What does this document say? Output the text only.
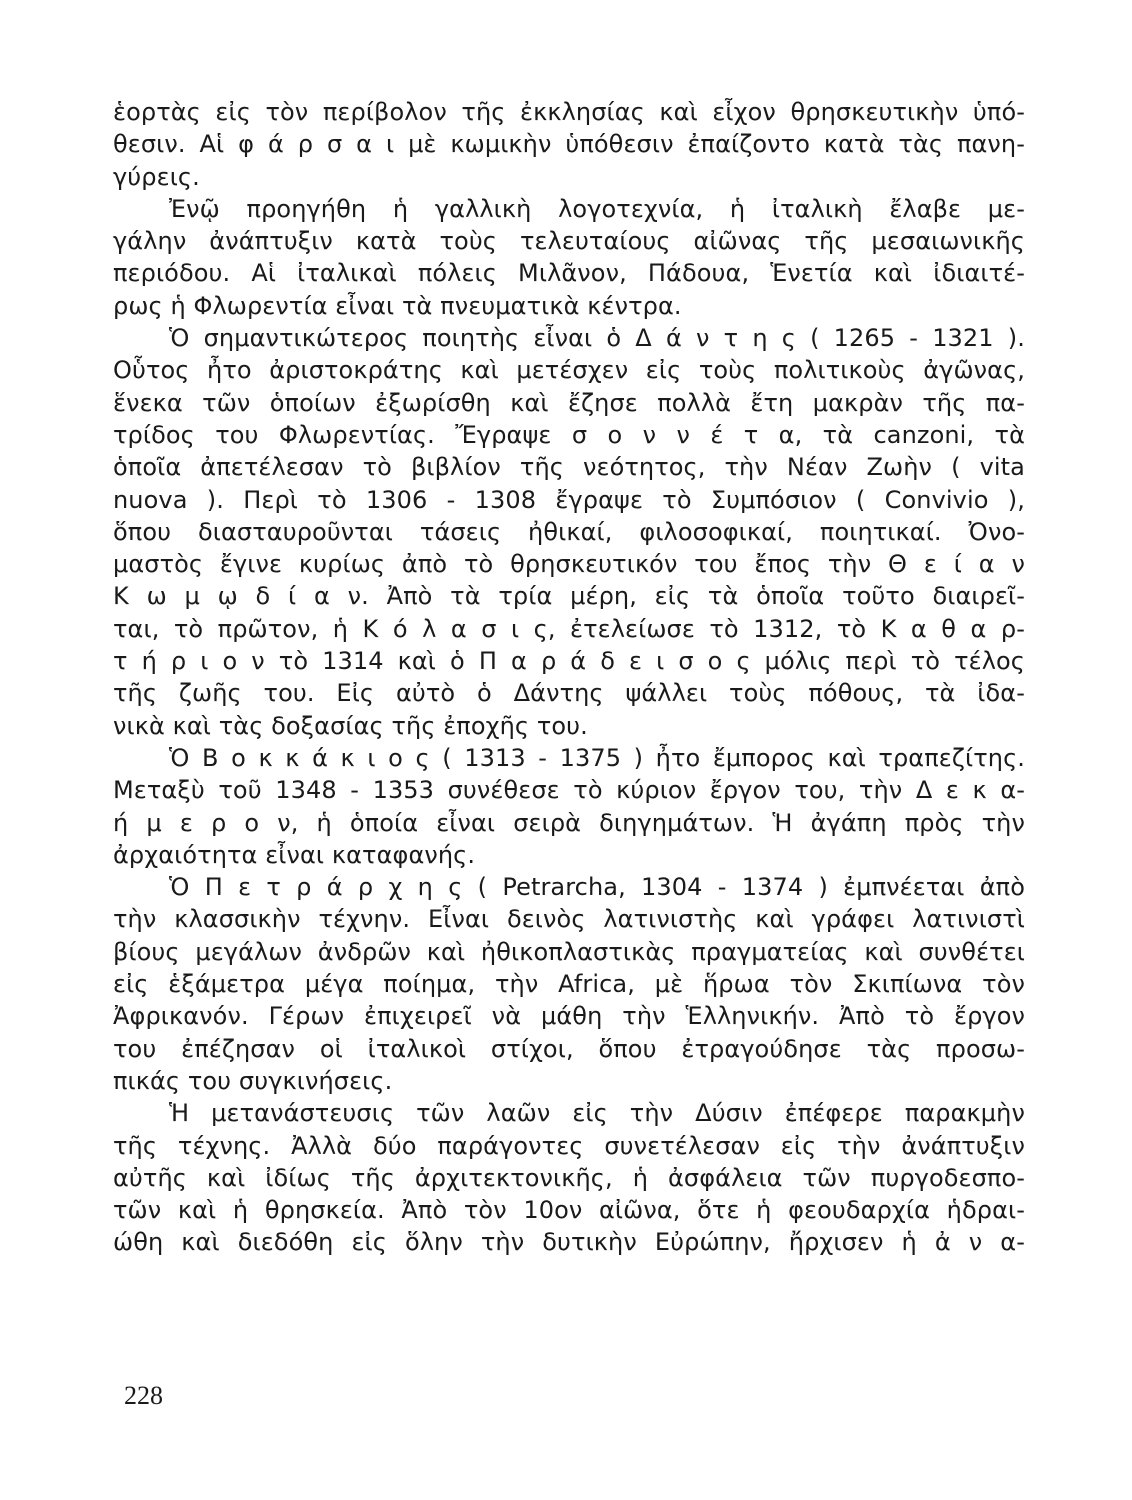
ἑορτὰς εἰς τὸν περίβολον τῆς ἐκκλησίας καὶ εἶχον θρησκευτικὴν ὑπό-
θεσιν. Αἱ φ ά ρ σ α ι μὲ κωμικὴν ὑπόθεσιν ἐπαίζοντο κατὰ τὰς πανη-
γύρεις.
Ἐνῷ προηγήθη ἡ γαλλικὴ λογοτεχνία, ἡ ἰταλικὴ ἔλαβε με-
γάλην ἀνάπτυξιν κατὰ τοὺς τελευταίους αἰῶνας τῆς μεσαιωνικῆς
περιόδου. Αἱ ἰταλικαὶ πόλεις Μιλᾶνον, Πάδουα, Ἑνετία καὶ ἰδιαιτέ-
ρως ἡ Φλωρεντία εἶναι τὰ πνευματικὰ κέντρα.
Ὁ σημαντικώτερος ποιητὴς εἶναι ὁ Δ ά ν τ η ς ( 1265 - 1321 ).
Οὗτος ἦτο ἀριστοκράτης καὶ μετέσχεν εἰς τοὺς πολιτικοὺς ἀγῶνας,
ἕνεκα τῶν ὁποίων ἐξωρίσθη καὶ ἔζησε πολλὰ ἔτη μακρὰν τῆς πα-
τρίδος του Φλωρεντίας. Ἔγραψε σ ο ν ν έ τ α, τὰ canzoni, τὰ
ὁποῖα ἀπετέλεσαν τὸ βιβλίον τῆς νεότητος, τὴν Νέαν Ζωὴν ( vita
nuova ). Περὶ τὸ 1306 - 1308 ἔγραψε τὸ Συμπόσιον ( Convivio ),
ὅπου διασταυροῦνται τάσεις ἠθικαί, φιλοσοφικαί, ποιητικαί. Ὀνο-
μαστὸς ἔγινε κυρίως ἀπὸ τὸ θρησκευτικόν του ἔπος τὴν Θ ε ί α ν
Κ ω μ ῳ δ ί α ν. Ἀπὸ τὰ τρία μέρη, εἰς τὰ ὁποῖα τοῦτο διαιρεῖ-
ται, τὸ πρῶτον, ἡ Κ ό λ α σ ι ς, ἐτελείωσε τὸ 1312, τὸ Κ α θ α ρ-
τ ή ρ ι ο ν τὸ 1314 καὶ ὁ Π α ρ ά δ ε ι σ ο ς μόλις περὶ τὸ τέλος
τῆς ζωῆς του. Εἰς αὐτὸ ὁ Δάντης ψάλλει τοὺς πόθους, τὰ ἰδα-
νικὰ καὶ τὰς δοξασίας τῆς ἐποχῆς του.
Ὁ Β ο κ κ ά κ ι ο ς ( 1313 - 1375 ) ἦτο ἔμπορος καὶ τραπεζίτης.
Μεταξὺ τοῦ 1348 - 1353 συνέθεσε τὸ κύριον ἔργον του, τὴν Δ ε κ α-
ή μ ε ρ ο ν, ἡ ὁποία εἶναι σειρὰ διηγημάτων. Ἡ ἀγάπη πρὸς τὴν
ἀρχαιότητα εἶναι καταφανής.
Ὁ Π ε τ ρ ά ρ χ η ς ( Petrarcha, 1304 - 1374 ) ἐμπνέεται ἀπὸ
τὴν κλασσικὴν τέχνην. Εἶναι δεινὸς λατινιστὴς καὶ γράφει λατινιστὶ
βίους μεγάλων ἀνδρῶν καὶ ἠθικοπλαστικὰς πραγματείας καὶ συνθέτει
εἰς ἑξάμετρα μέγα ποίημα, τὴν Africa, μὲ ἥρωα τὸν Σκιπίωνα τὸν
Ἀφρικανόν. Γέρων ἐπιχειρεῖ νὰ μάθη τὴν Ἑλληνικήν. Ἀπὸ τὸ ἔργον
του ἐπέζησαν οἱ ἰταλικοὶ στίχοι, ὅπου ἐτραγούδησε τὰς προσω-
πικάς του συγκινήσεις.
Ἡ μετανάστευσις τῶν λαῶν εἰς τὴν Δύσιν ἐπέφερε παρακμὴν
τῆς τέχνης. Ἀλλὰ δύο παράγοντες συνετέλεσαν εἰς τὴν ἀνάπτυξιν
αὐτῆς καὶ ἰδίως τῆς ἀρχιτεκτονικῆς, ἡ ἀσφάλεια τῶν πυργοδεσπο-
τῶν καὶ ἡ θρησκεία. Ἀπὸ τὸν 10ον αἰῶνα, ὅτε ἡ φεουδαρχία ἡδραι-
ώθη καὶ διεδόθη εἰς ὅλην τὴν δυτικὴν Εὐρώπην, ἤρχισεν ἡ ἀ ν α-
228
